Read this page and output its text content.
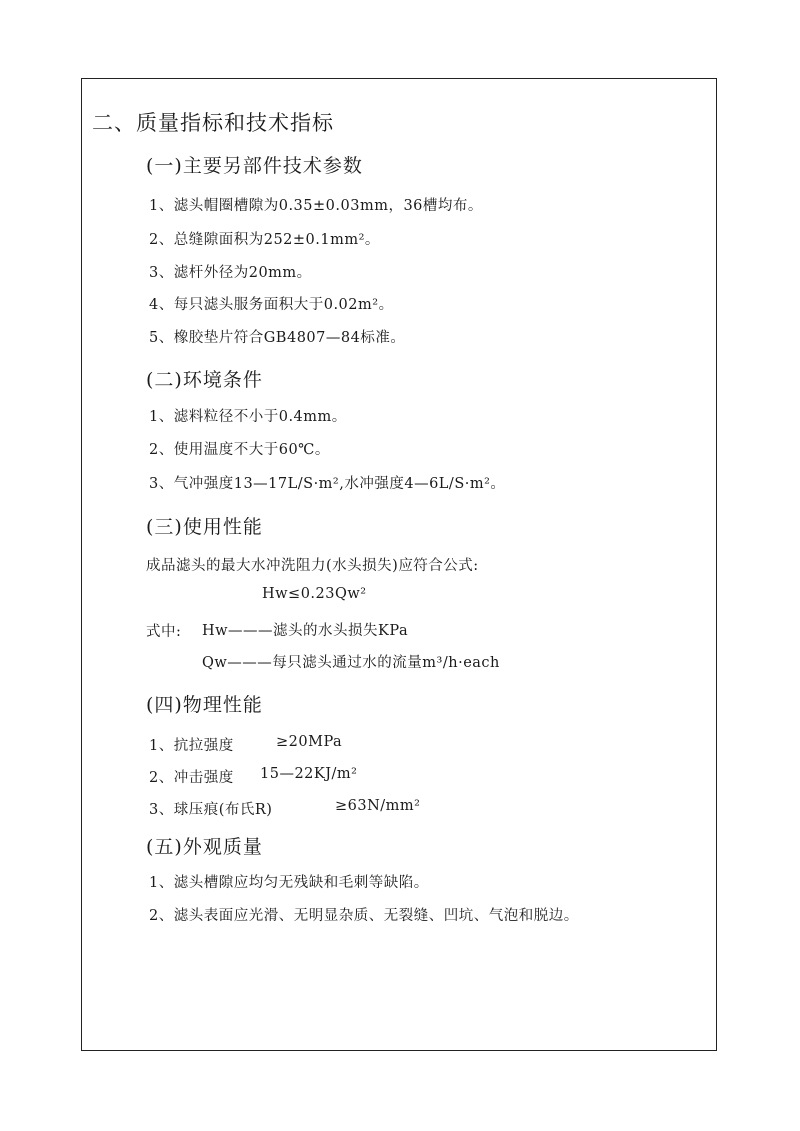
二、质量指标和技术指标
(一)主要另部件技术参数
1、滤头帽圈槽隙为0.35±0.03mm，36槽均布。
2、总缝隙面积为252±0.1mm²。
3、滤杆外径为20mm。
4、每只滤头服务面积大于0.02m²。
5、橡胶垫片符合GB4807—84标准。
(二)环境条件
1、滤料粒径不小于0.4mm。
2、使用温度不大于60℃。
3、气冲强度13—17L/S·m²,水冲强度4—6L/S·m²。
(三)使用性能
成品滤头的最大水冲洗阻力(水头损失)应符合公式:
Hw≤0.23Qw²
式中: Hw———滤头的水头损失KPa
Qw———每只滤头通过水的流量m³/h·each
(四)物理性能
1、抗拉强度	≥20MPa
2、冲击强度 15—22KJ/m²
3、球压痕(布氏R)	≥63N/mm²
(五)外观质量
1、滤头槽隙应均匀无残缺和毛刺等缺陷。
2、滤头表面应光滑、无明显杂质、无裂缝、凹坑、气泡和脱边。
